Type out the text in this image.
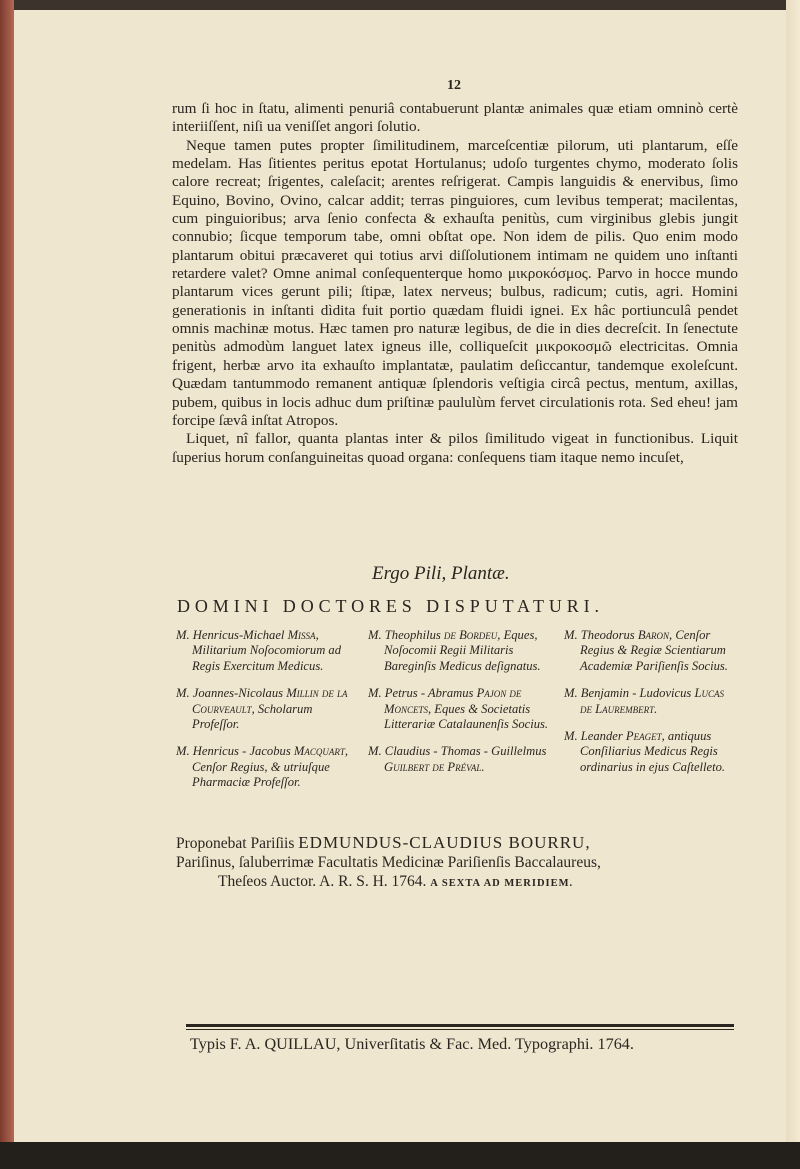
12

rum ſi hoc in ſtatu, alimenti penuriâ contabuerunt plantæ animales quæ etiam omninò certè interiiſſent, niſi ua veniſſet angori ſolutio.

Neque tamen putes propter ſimilitudinem, marceſcentiæ pilorum, uti plantarum, eſſe medelam. Has ſitientes peritus epotat Hortulanus; udoſo turgentes chymo, moderato ſolis calore recreat; ſrigentes, caleſacit; arentes reſrigerat. Campis languidis & enervibus, ſimo Equino, Bovino, Ovino, calcar addit; terras pinguiores, cum levibus temperat; macilentas, cum pinguioribus; arva ſenio confecta & exhauſta penitùs, cum virginibus glebis jungit connubio; ſicque temporum tabe, omni obſtat ope. Non idem de pilis. Quo enim modo plantarum obitui præcaveret qui totius arvi diſſolutionem intimam ne quidem uno inſtanti retardere valet? Omne animal conſequenterque homo μικροκόσμος. Parvo in hocce mundo plantarum vices gerunt pili; ſtipæ, latex nerveus; bulbus, radicum; cutis, agri. Homini generationis in inſtanti dìdita fuit portio quædam fluidi ignei. Ex hâc portiunculâ pendet omnis machinæ motus. Hæc tamen pro naturæ legibus, de die in dies decreſcit. In ſenectute penitùs admodùm languet latex igneus ille, colliqueſcit μικροκοσμῶ electricitas. Omnia frigent, herbæ arvo ita exhauſto implantatæ, paulatim deſiccantur, tandemque exoleſcunt. Quædam tantummodo remanent antiquæ ſplendoris veſtigia circâ pectus, mentum, axillas, pubem, quibus in locis adhuc dum priſtinæ paululùm fervet circulationis rota. Sed eheu! jam forcipe ſævâ inſtat Atropos.

Liquet, nî fallor, quanta plantas inter & pilos ſimilitudo vigeat in functionibus. Liquit ſuperius horum conſanguineitas quoad organa: conſequens tiam itaque nemo incuſet,

Ergo Pili, Plantæ.
DOMINI DOCTORES DISPUTATURI.

M. Henricus-Michael Missa, Militarium Noſocomiorum ad Regis Exercitum Medicus.

M. Joannes-Nicolaus Millin de la Courveault, Scholarum Profeſſor.

M. Henricus - Jacobus Macquart, Cenſor Regius, & utriuſque Pharmaciæ Profeſſor.

M. Theophilus de Bordeu, Eques, Noſocomii Regii Militaris Bareginſis Medicus deſignatus.

M. Petrus - Abramus Pajon de Moncets, Eques & Societatis Litterariæ Catalaunenſis Socius.

M. Claudius - Thomas - Guillelmus Guilbert de Préval.

M. Theodorus Baron, Cenſor Regius & Regiæ Scientiarum Academiæ Pariſienſis Socius.

M. Benjamin - Ludovicus Lucas de Laurembert.

M. Leander Peaget, antiquus Conſiliarius Medicus Regis ordinarius in ejus Caſtelleto.

Proponebat Pariſiis EDMUNDUS-CLAUDIUS BOURRU,
Pariſinus, ſaluberrimæ Facultatis Medicinæ Pariſienſis Baccalaureus,
Theſeos Auctor. A. R. S. H. 1764. A SEXTA AD MERIDIEM.
Typis F. A. QUILLAU, Univerſitatis & Fac. Med. Typographi. 1764.
